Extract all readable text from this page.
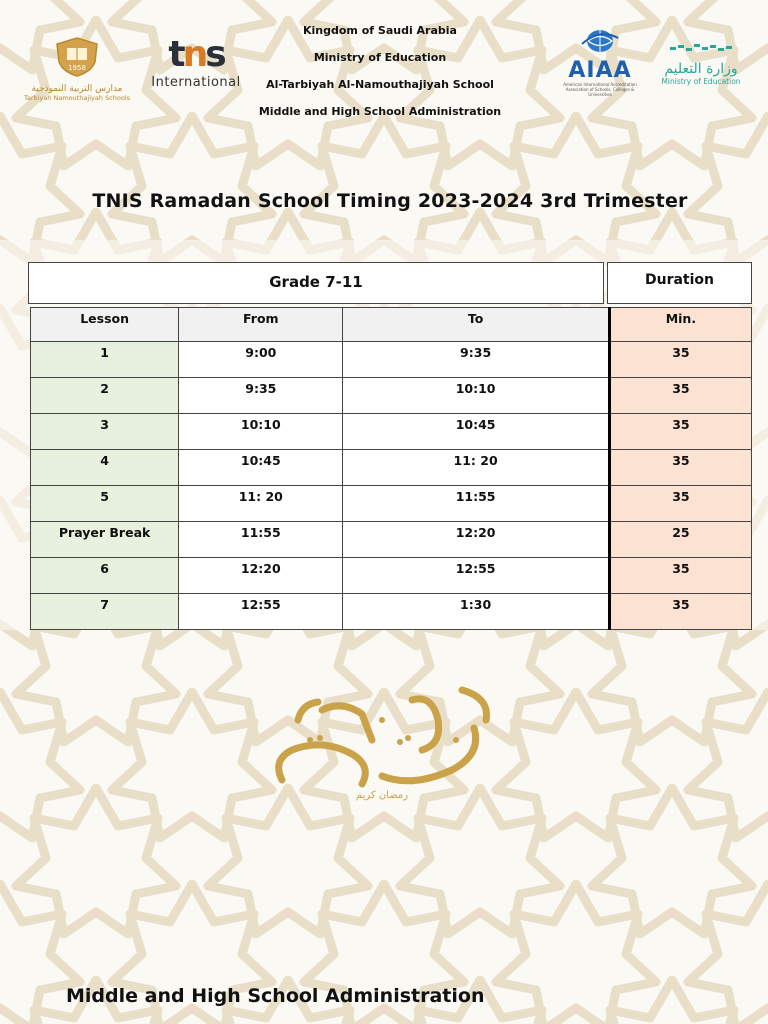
Kingdom of Saudi Arabia
Ministry of Education
Al-Tarbiyah Al-Namouthajiyah School
Middle and High School Administration
1958
مدارس التربية النموذجية
Tarbiyah Namouthajiyah Schools
tns
International	AIAA
American International Accreditation Association of Schools, Colleges & Universities
وزارة التعليم
Ministry of Education
TNIS Ramadan School Timing 2023-2024 3rd Trimester
Grade 7-11	Duration
Lesson	From	To	Min.
1	9:00	9:35	35
2	9:35	10:10	35
3	10:10	10:45	35
4	10:45	11: 20	35
5	11: 20	11:55	35
Prayer Break	11:55	12:20	25
6	12:20	12:55	35
7	12:55	1:30	35
رمضان كريم
Middle and High School Administration
